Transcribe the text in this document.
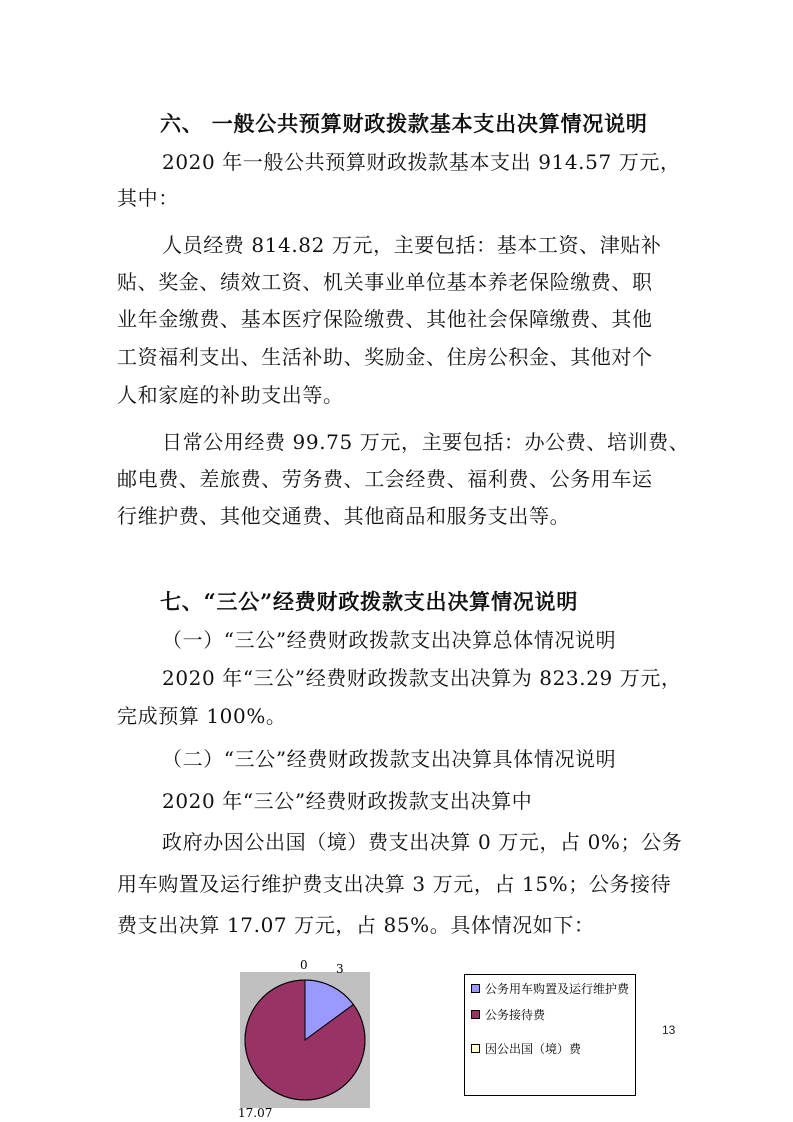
六、 一般公共预算财政拨款基本支出决算情况说明
2020 年一般公共预算财政拨款基本支出 914.57 万元，
其中：
人员经费 814.82 万元，主要包括：基本工资、津贴补
贴、奖金、绩效工资、机关事业单位基本养老保险缴费、职
业年金缴费、基本医疗保险缴费、其他社会保障缴费、其他
工资福利支出、生活补助、奖励金、住房公积金、其他对个
人和家庭的补助支出等。
日常公用经费 99.75 万元，主要包括：办公费、培训费、
邮电费、差旅费、劳务费、工会经费、福利费、公务用车运
行维护费、其他交通费、其他商品和服务支出等。
七、“三公”经费财政拨款支出决算情况说明
（一）“三公”经费财政拨款支出决算总体情况说明
2020 年“三公”经费财政拨款支出决算为 823.29 万元，
完成预算 100%。
（二）“三公”经费财政拨款支出决算具体情况说明
2020 年“三公”经费财政拨款支出决算中
政府办因公出国（境）费支出决算 0 万元，占 0%；公务
用车购置及运行维护费支出决算 3 万元，占 15%；公务接待
费支出决算 17.07 万元，占 85%。具体情况如下：
3
17.07
0
公务用车购置及运行维护费
公务接待费
因公出国（境）费
13
